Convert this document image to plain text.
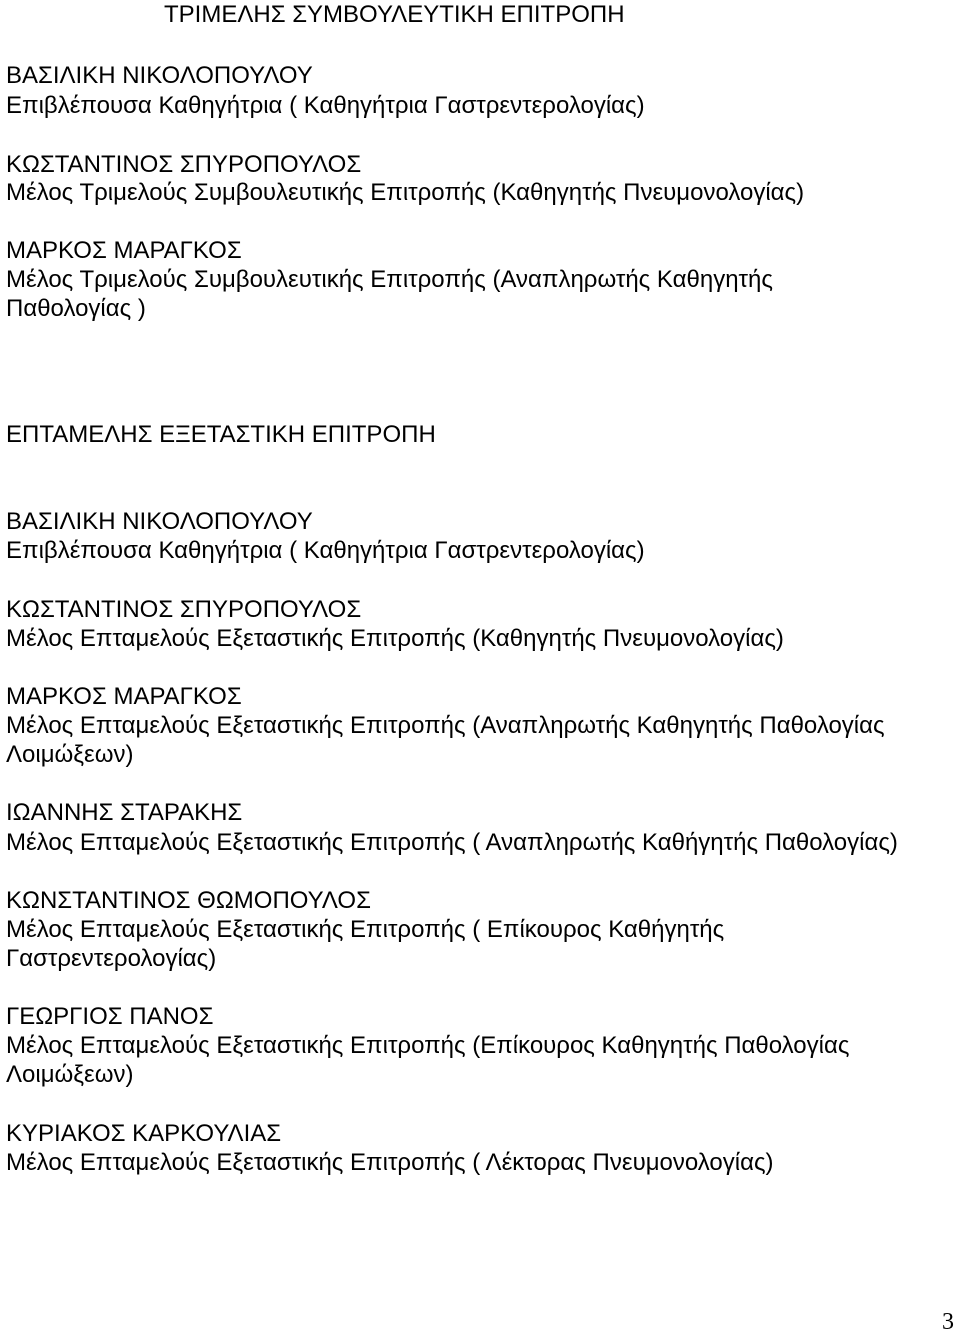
ΤΡΙΜΕΛΗΣ ΣΥΜΒΟΥΛΕΥΤΙΚΗ ΕΠΙΤΡΟΠΗ
ΒΑΣΙΛΙΚΗ ΝΙΚΟΛΟΠΟΥΛΟΥ
Επιβλέπουσα Καθηγήτρια ( Καθηγήτρια Γαστρεντερολογίας)
ΚΩΣΤΑΝΤΙΝΟΣ ΣΠΥΡΟΠΟΥΛΟΣ
Μέλος Τριμελούς Συμβουλευτικής Επιτροπής (Καθηγητής Πνευμονολογίας)
ΜΑΡΚΟΣ ΜΑΡΑΓΚΟΣ
Μέλος Τριμελούς Συμβουλευτικής Επιτροπής (Αναπληρωτής Καθηγητής
Παθολογίας )
ΕΠΤΑΜΕΛΗΣ ΕΞΕΤΑΣΤΙΚΗ ΕΠΙΤΡΟΠΗ
ΒΑΣΙΛΙΚΗ ΝΙΚΟΛΟΠΟΥΛΟΥ
Επιβλέπουσα Καθηγήτρια ( Καθηγήτρια Γαστρεντερολογίας)
ΚΩΣΤΑΝΤΙΝΟΣ ΣΠΥΡΟΠΟΥΛΟΣ
Μέλος Επταμελούς Εξεταστικής Επιτροπής (Καθηγητής Πνευμονολογίας)
ΜΑΡΚΟΣ ΜΑΡΑΓΚΟΣ
Μέλος Επταμελούς Εξεταστικής Επιτροπής (Αναπληρωτής Καθηγητής Παθολογίας
Λοιμώξεων)
ΙΩΑΝΝΗΣ ΣΤΑΡΑΚΗΣ
Μέλος Επταμελούς Εξεταστικής Επιτροπής ( Αναπληρωτής Καθήγητής Παθολογίας)
ΚΩΝΣΤΑΝΤΙΝΟΣ ΘΩΜΟΠΟΥΛΟΣ
Μέλος Επταμελούς Εξεταστικής Επιτροπής ( Επίκουρος Καθήγητής
Γαστρεντερολογίας)
ΓΕΩΡΓΙΟΣ ΠΑΝΟΣ
Μέλος Επταμελούς Εξεταστικής Επιτροπής (Επίκουρος Καθηγητής Παθολογίας
Λοιμώξεων)
ΚΥΡΙΑΚΟΣ ΚΑΡΚΟΥΛΙΑΣ
Μέλος Επταμελούς Εξεταστικής Επιτροπής ( Λέκτορας Πνευμονολογίας)
3
